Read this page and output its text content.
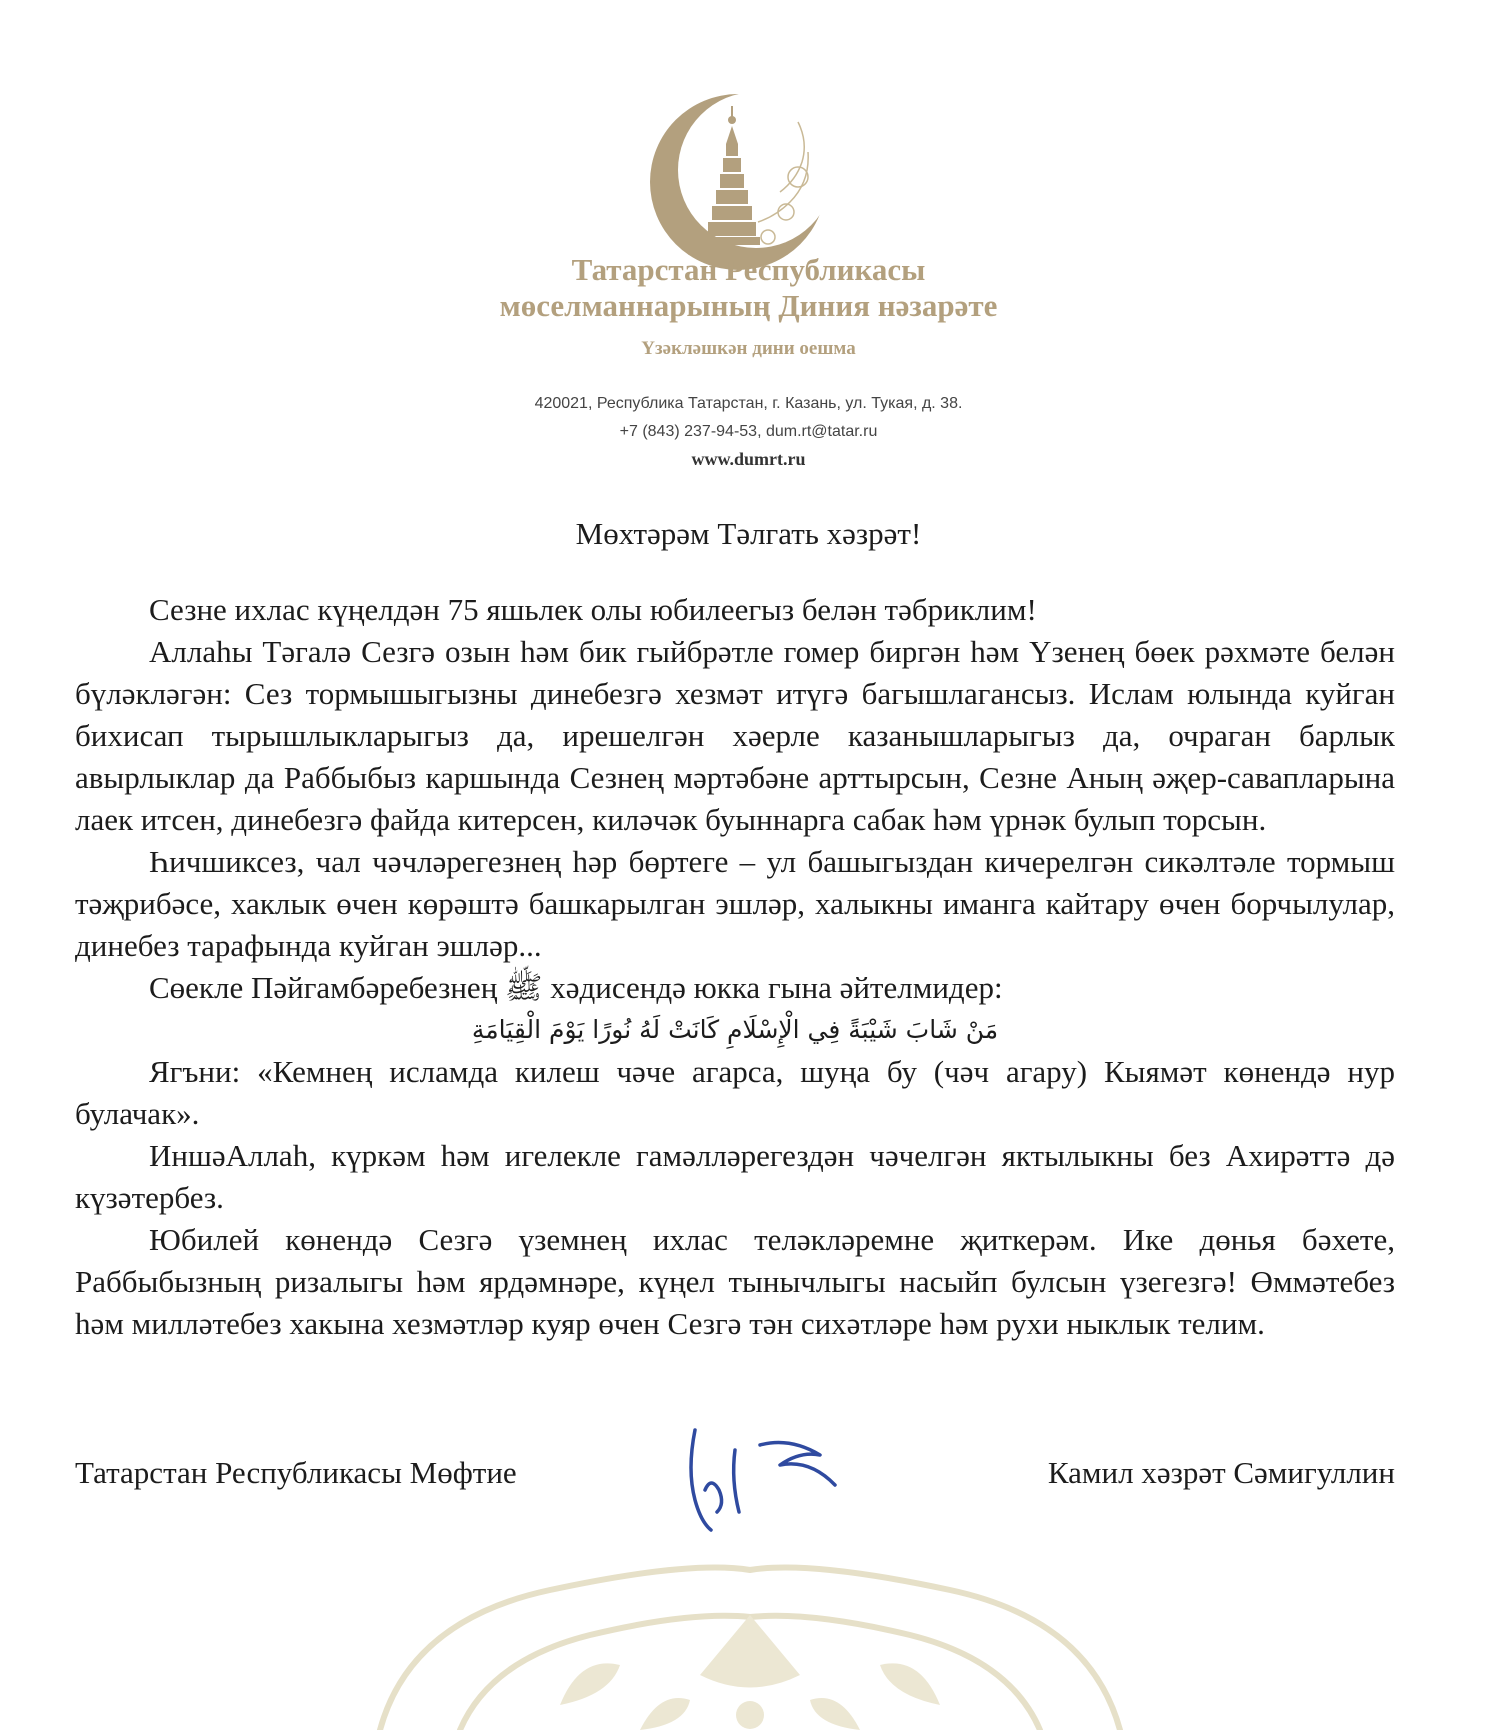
Татарстан Республикасы
мөселманнарының Диния нәзарәте
Үзәкләшкән дини оешма
420021, Республика Татарстан, г. Казань, ул. Тукая, д. 38.
+7 (843) 237-94-53, dum.rt@tatar.ru
www.dumrt.ru
Мөхтәрәм Тәлгать хәзрәт!

Сезне ихлас күңелдән 75 яшьлек олы юбилеегыз белән тәбриклим!

Аллаһы Тәгалә Сезгә озын һәм бик гыйбрәтле гомер биргән һәм Үзенең бөек рәхмәте белән бүләкләгән: Сез тормышыгызны динебезгә хезмәт итүгә багышлагансыз. Ислам юлында куйган бихисап тырышлыкларыгыз да, ирешелгән хәерле казанышларыгыз да, очраган барлык авырлыклар да Раббыбыз каршында Сезнең мәртәбәне арттырсын, Сезне Аның әҗер-савапларына лаек итсен, динебезгә файда китерсен, киләчәк буыннарга сабак һәм үрнәк булып торсын.

Һичшиксез, чал чәчләрегезнең һәр бөртеге – ул башыгыздан кичерелгән сикәлтәле тормыш тәҗрибәсе, хаклык өчен көрәштә башкарылган эшләр, халыкны иманга кайтару өчен борчылулар, динебез тарафында куйган эшләр...

Сөекле Пәйгамбәребезнең ﷺ хәдисендә юкка гына әйтелмидер:

مَنْ شَابَ شَيْبَةً فِي الْإِسْلَامِ كَانَتْ لَهُ نُورًا يَوْمَ الْقِيَامَةِ

Ягъни: «Кемнең исламда килеш чәче агарса, шуңа бу (чәч агару) Кыямәт көнендә нур булачак».

ИншәАллаһ, күркәм һәм игелекле гамәлләрегездән чәчелгән яктылыкны без Ахирәттә дә күзәтербез.

Юбилей көнендә Сезгә үземнең ихлас теләкләремне җиткерәм. Ике дөнья бәхете, Раббыбызның ризалыгы һәм ярдәмнәре, күңел тынычлыгы насыйп булсын үзегезгә! Өммәтебез һәм милләтебез хакына хезмәтләр куяр өчен Сезгә тән сихәтләре һәм рухи ныклык телим.

Татарстан Республикасы Мөфтие	Камил хәзрәт Сәмигуллин
